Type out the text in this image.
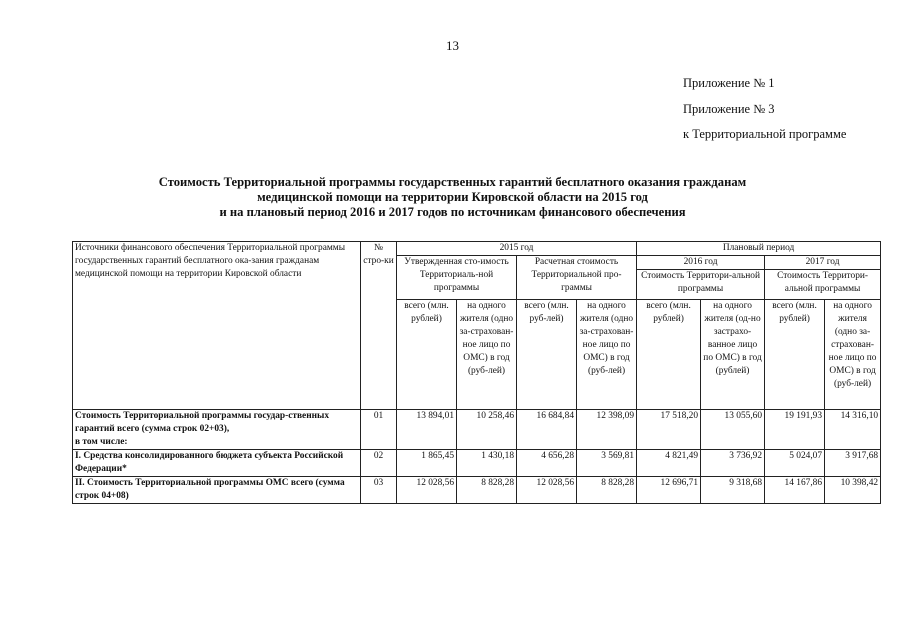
13
Приложение № 1
Приложение № 3
к Территориальной программе
Стоимость Территориальной программы государственных гарантий бесплатного оказания гражданам
медицинской помощи на территории Кировской области на 2015 год
и на плановый период 2016 и 2017 годов по источникам финансового обеспечения
Источники финансового обеспечения Территориальной программы государственных гарантий бесплатного ока-зания гражданам медицинской помощи на территории Кировской области	№ стро-ки	2015 год				Плановый период			
		Утвержденная сто-имость Территориаль-ной программы		Расчетная стоимость Территориальной про-граммы		2016 год		2017 год	
						Стоимость Территори-альной программы		Стоимость Территори-альной программы	
		всего (млн. рублей)	на одного жителя (одно за-страхован-ное лицо по ОМС) в год (руб-лей)	всего (млн. руб-лей)	на одного жителя (одно за-страхован-ное лицо по ОМС) в год (руб-лей)	всего (млн. рублей)	на одного жителя (од-но застрахо-ванное лицо по ОМС) в год (рублей)	всего (млн. рублей)	на одного жителя (одно за-страхован-ное лицо по ОМС) в год (руб-лей)
Стоимость Территориальной программы государ-ственных гарантий всего (сумма строк 02+03),
в том числе:	01	13 894,01	10 258,46	16 684,84	12 398,09	17 518,20	13 055,60	19 191,93	14 316,10
I. Средства консолидированного бюджета субъекта Российской Федерации*	02	1 865,45	1 430,18	4 656,28	3 569,81	4 821,49	3 736,92	5 024,07	3 917,68
II. Стоимость Территориальной программы ОМС всего (сумма строк 04+08)	03	12 028,56	8 828,28	12 028,56	8 828,28	12 696,71	9 318,68	14 167,86	10 398,42
